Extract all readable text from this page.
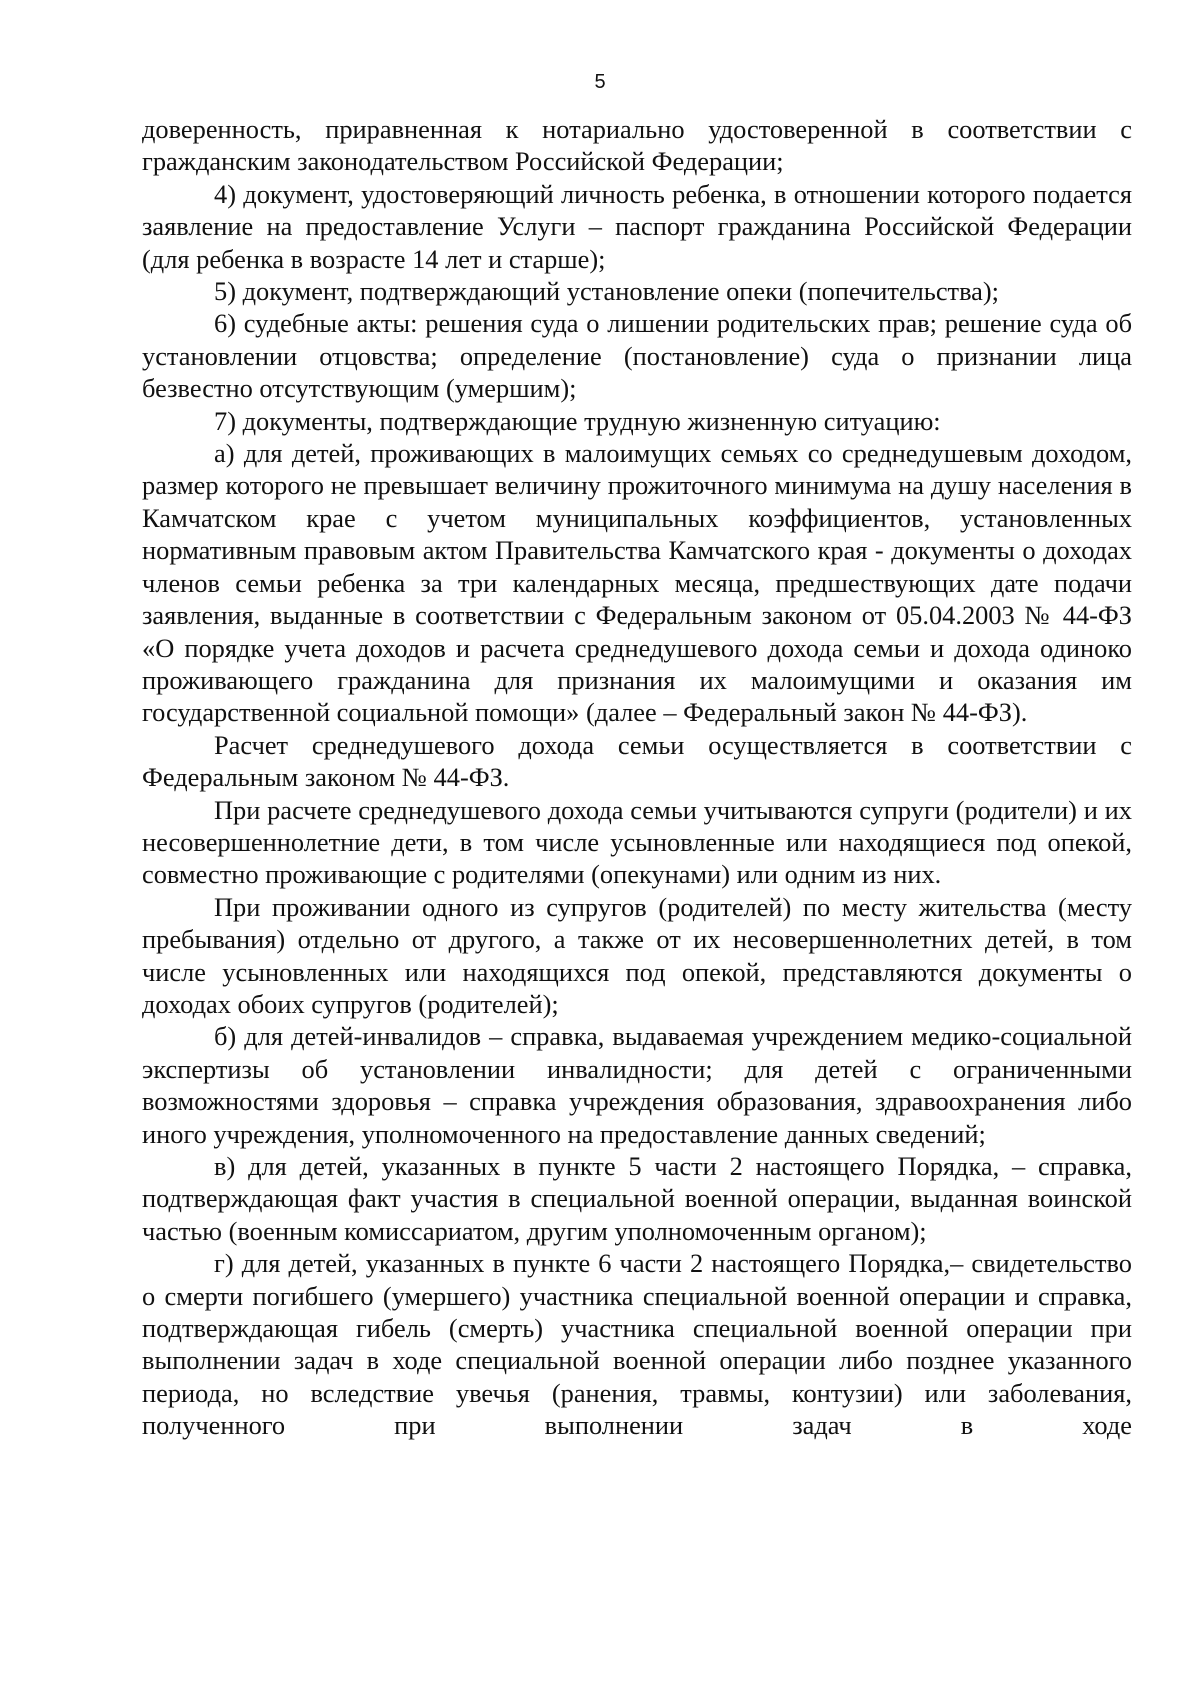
5

доверенность, приравненная к нотариально удостоверенной в соответствии с гражданским законодательством Российской Федерации;

4) документ, удостоверяющий личность ребенка, в отношении которого подается заявление на предоставление Услуги – паспорт гражданина Российской Федерации (для ребенка в возрасте 14 лет и старше);

5) документ, подтверждающий установление опеки (попечительства);

6) судебные акты: решения суда о лишении родительских прав; решение суда об установлении отцовства; определение (постановление) суда о признании лица безвестно отсутствующим (умершим);

7) документы, подтверждающие трудную жизненную ситуацию:

а) для детей, проживающих в малоимущих семьях со среднедушевым доходом, размер которого не превышает величину прожиточного минимума на душу населения в Камчатском крае с учетом муниципальных коэффициентов, установленных нормативным правовым актом Правительства Камчатского края - документы о доходах членов семьи ребенка за три календарных месяца, предшествующих дате подачи заявления, выданные в соответствии с Федеральным законом от 05.04.2003 № 44-ФЗ «О порядке учета доходов и расчета среднедушевого дохода семьи и дохода одиноко проживающего гражданина для признания их малоимущими и оказания им государственной социальной помощи» (далее – Федеральный закон № 44-ФЗ).

Расчет среднедушевого дохода семьи осуществляется в соответствии с Федеральным законом № 44-ФЗ.

При расчете среднедушевого дохода семьи учитываются супруги (родители) и их несовершеннолетние дети, в том числе усыновленные или находящиеся под опекой, совместно проживающие с родителями (опекунами) или одним из них.

При проживании одного из супругов (родителей) по месту жительства (месту пребывания) отдельно от другого, а также от их несовершеннолетних детей, в том числе усыновленных или находящихся под опекой, представляются документы о доходах обоих супругов (родителей);

б) для детей-инвалидов – справка, выдаваемая учреждением медико-социальной экспертизы об установлении инвалидности; для детей с ограниченными возможностями здоровья – справка учреждения образования, здравоохранения либо иного учреждения, уполномоченного на предоставление данных сведений;

в) для детей, указанных в пункте 5 части 2 настоящего Порядка, – справка, подтверждающая факт участия в специальной военной операции, выданная воинской частью (военным комиссариатом, другим уполномоченным органом);

г) для детей, указанных в пункте 6 части 2 настоящего Порядка,– свидетельство о смерти погибшего (умершего) участника специальной военной операции и справка, подтверждающая гибель (смерть) участника специальной военной операции при выполнении задач в ходе специальной военной операции либо позднее указанного периода, но вследствие увечья (ранения, травмы, контузии) или заболевания, полученного при выполнении задач в ходе
